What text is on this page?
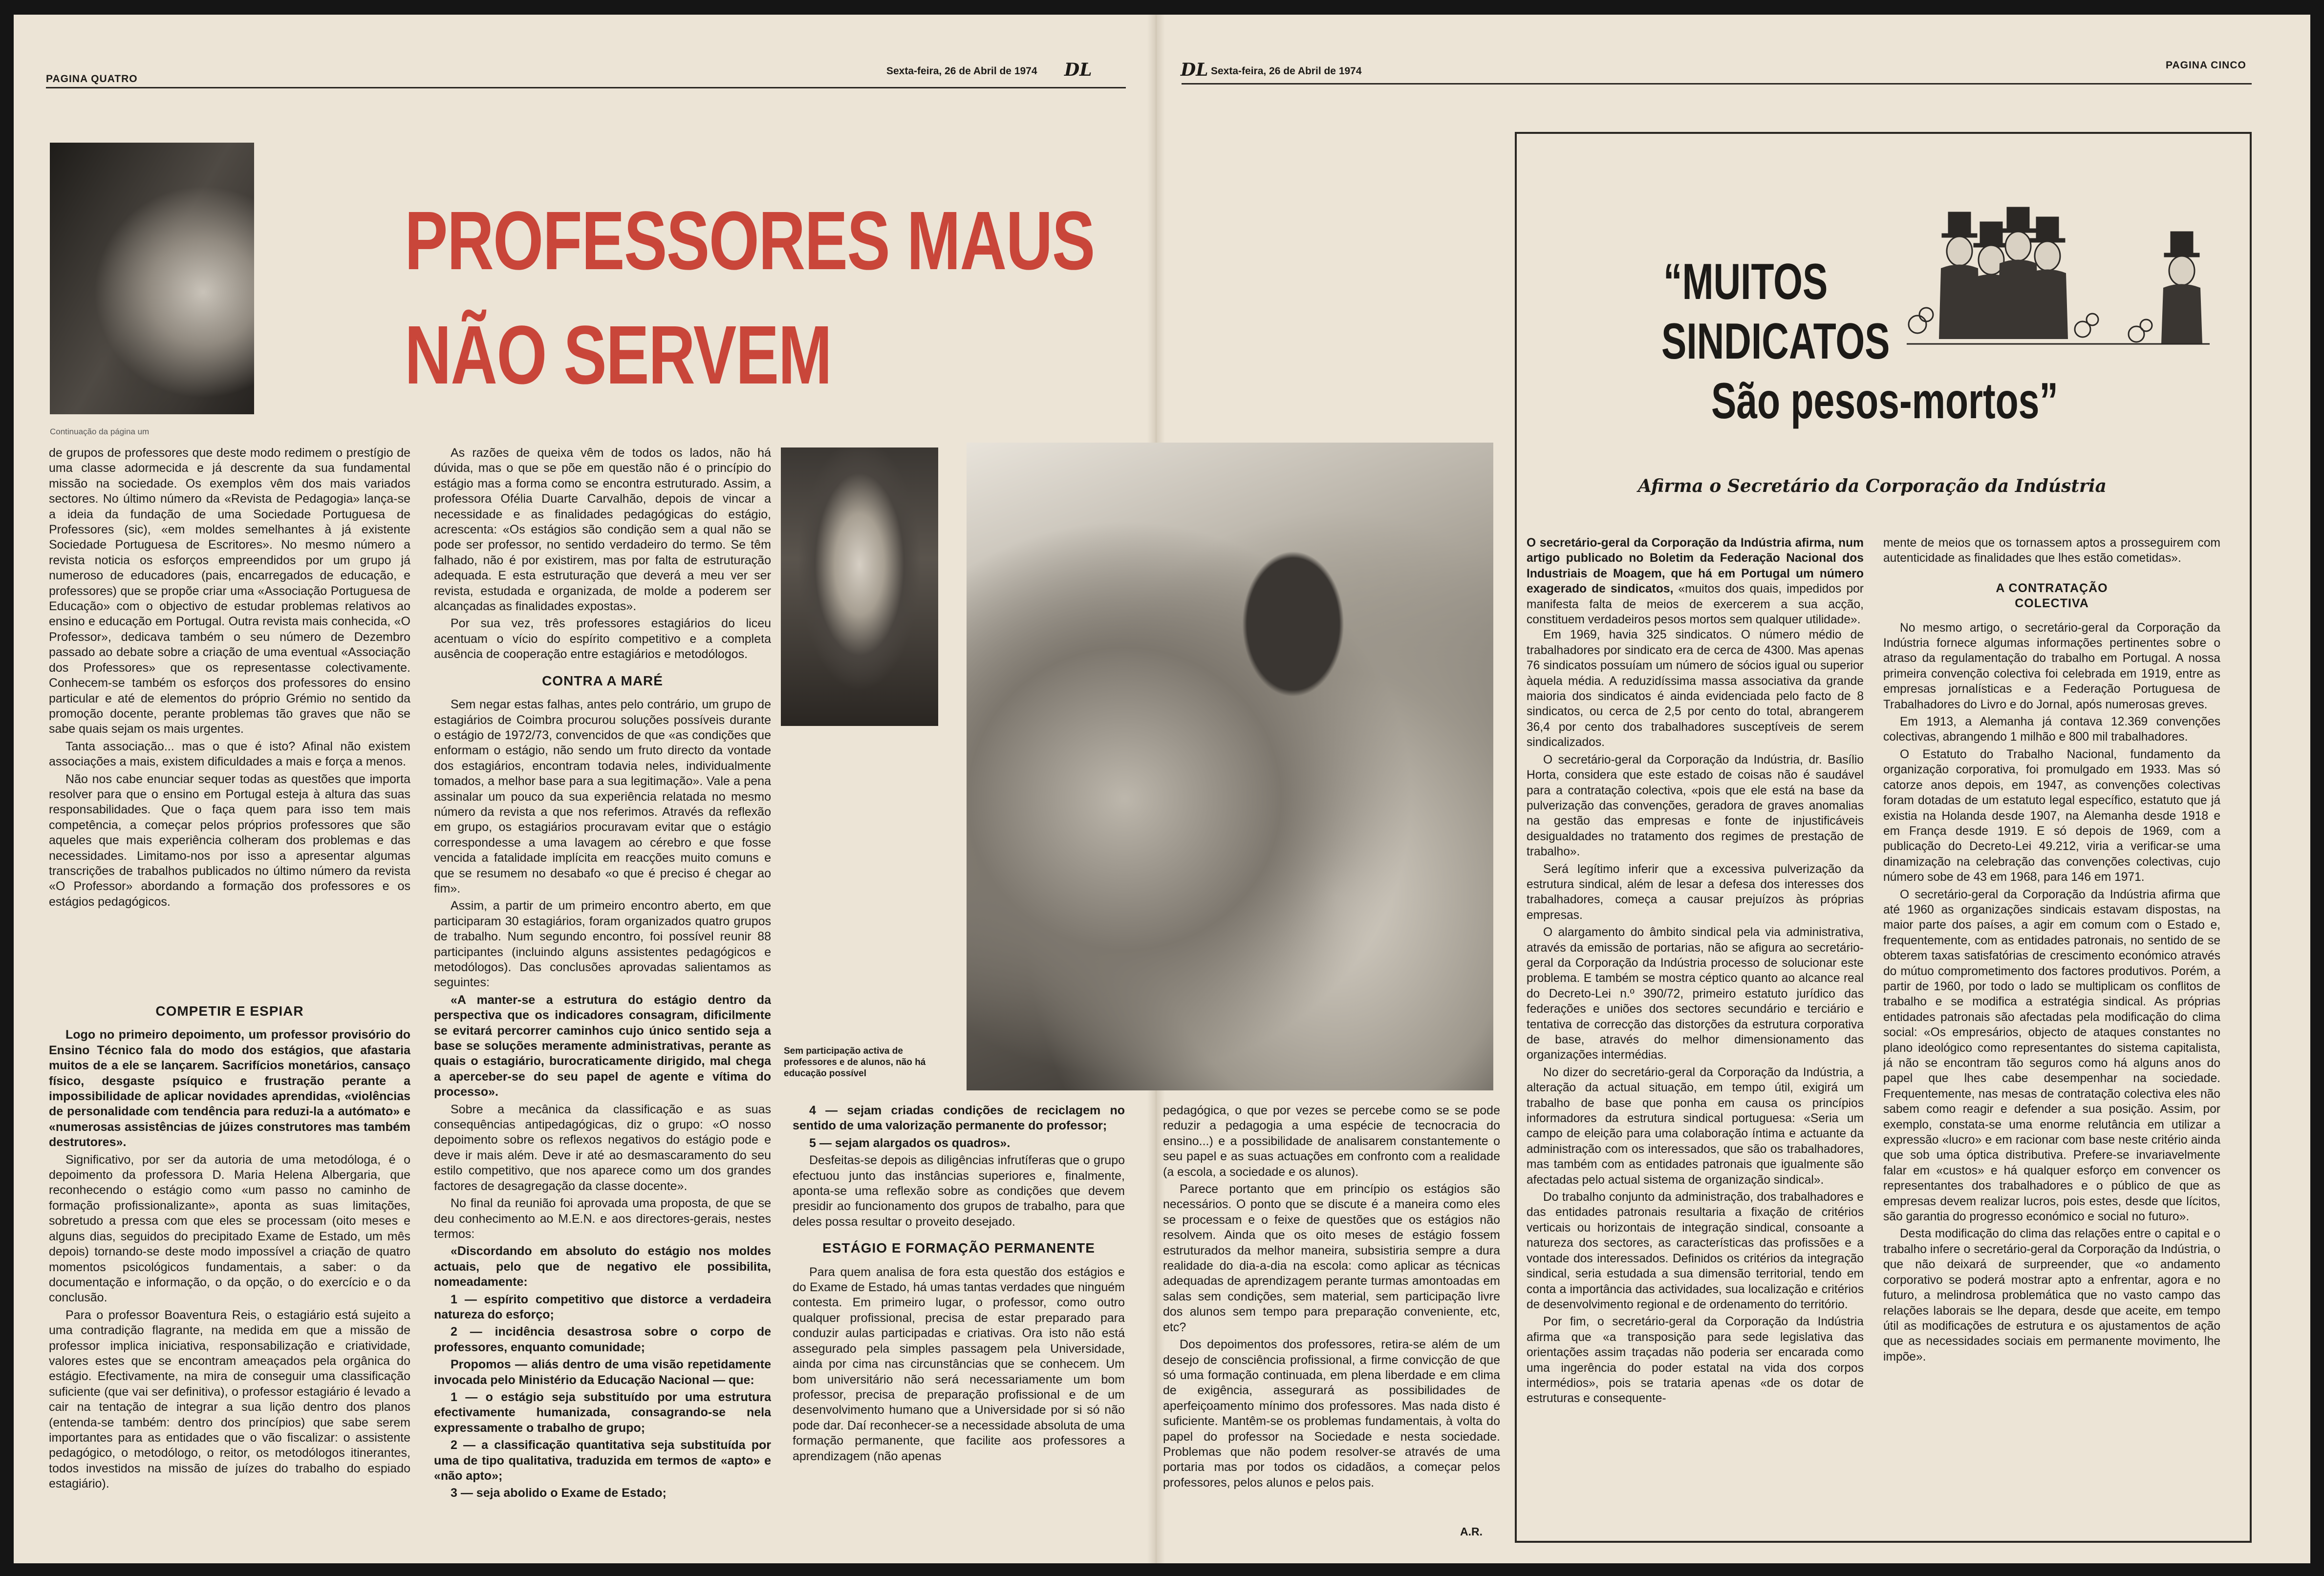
PAGINA QUATRO
Sexta-feira, 26 de Abril de 1974 DL	DL Sexta-feira, 26 de Abril de 1974
PAGINA CINCO
Continuação da página um
PROFESSORES MAUS
NÃO SERVEM
Sem participação activa de professores e de alunos, não há educação possível

de grupos de professores que deste modo redimem o prestígio de uma classe adormecida e já descrente da sua fundamental missão na sociedade. Os exemplos vêm dos mais variados sectores. No último número da «Revista de Pedagogia» lança-se a ideia da fundação de uma Sociedade Portuguesa de Professores (sic), «em moldes semelhantes à já existente Sociedade Portuguesa de Escritores». No mesmo número a revista noticia os esforços empreendidos por um grupo já numeroso de educadores (pais, encarregados de educação, e professores) que se propõe criar uma «Associação Portuguesa de Educação» com o objectivo de estudar problemas relativos ao ensino e educação em Portugal. Outra revista mais conhecida, «O Professor», dedicava também o seu número de Dezembro passado ao debate sobre a criação de uma eventual «Associação dos Professores» que os representasse colectivamente. Conhecem-se também os esforços dos professores do ensino particular e até de elementos do próprio Grémio no sentido da promoção docente, perante problemas tão graves que não se sabe quais sejam os mais urgentes.

Tanta associação... mas o que é isto? Afinal não existem associações a mais, existem dificuldades a mais e força a menos.

Não nos cabe enunciar sequer todas as questões que importa resolver para que o ensino em Portugal esteja à altura das suas responsabilidades. Que o faça quem para isso tem mais competência, a começar pelos próprios professores que são aqueles que mais experiência colheram dos problemas e das necessidades. Limitamo-nos por isso a apresentar algumas transcrições de trabalhos publicados no último número da revista «O Professor» abordando a formação dos professores e os estágios pedagógicos.

COMPETIR E ESPIAR

Logo no primeiro depoimento, um professor provisório do Ensino Técnico fala do modo dos estágios, que afastaria muitos de a ele se lançarem. Sacrifícios monetários, cansaço físico, desgaste psíquico e frustração perante a impossibilidade de aplicar novidades aprendidas, «violências de personalidade com tendência para reduzi-la a autómato» e «numerosas assistências de júizes construtores mas também destrutores».

Significativo, por ser da autoria de uma metodóloga, é o depoimento da professora D. Maria Helena Albergaria, que reconhecendo o estágio como «um passo no caminho de formação profissionalizante», aponta as suas limitações, sobretudo a pressa com que eles se processam (oito meses e alguns dias, seguidos do precipitado Exame de Estado, um mês depois) tornando-se deste modo impossível a criação de quatro momentos psicológicos fundamentais, a saber: o da documentação e informação, o da opção, o do exercício e o da conclusão.

Para o professor Boaventura Reis, o estagiário está sujeito a uma contradição flagrante, na medida em que a missão de professor implica iniciativa, responsabilização e criatividade, valores estes que se encontram ameaçados pela orgânica do estágio. Efectivamente, na mira de conseguir uma classificação suficiente (que vai ser definitiva), o professor estagiário é levado a cair na tentação de integrar a sua lição dentro dos planos (entenda-se também: dentro dos princípios) que sabe serem importantes para as entidades que o vão fiscalizar: o assistente pedagógico, o metodólogo, o reitor, os metodólogos itinerantes, todos investidos na missão de juízes do trabalho do espiado estagiário).

As razões de queixa vêm de todos os lados, não há dúvida, mas o que se põe em questão não é o princípio do estágio mas a forma como se encontra estruturado. Assim, a professora Ofélia Duarte Carvalhão, depois de vincar a necessidade e as finalidades pedagógicas do estágio, acrescenta: «Os estágios são condição sem a qual não se pode ser professor, no sentido verdadeiro do termo. Se têm falhado, não é por existirem, mas por falta de estruturação adequada. E esta estruturação que deverá a meu ver ser revista, estudada e organizada, de molde a poderem ser alcançadas as finalidades expostas».

Por sua vez, três professores estagiários do liceu acentuam o vício do espírito competitivo e a completa ausência de cooperação entre estagiários e metodólogos.

CONTRA A MARÉ

Sem negar estas falhas, antes pelo contrário, um grupo de estagiários de Coimbra procurou soluções possíveis durante o estágio de 1972/73, convencidos de que «as condições que enformam o estágio, não sendo um fruto directo da vontade dos estagiários, encontram todavia neles, individualmente tomados, a melhor base para a sua legitimação». Vale a pena assinalar um pouco da sua experiência relatada no mesmo número da revista a que nos referimos. Através da reflexão em grupo, os estagiários procuravam evitar que o estágio correspondesse a uma lavagem ao cérebro e que fosse vencida a fatalidade implícita em reacções muito comuns e que se resumem no desabafo «o que é preciso é chegar ao fim».

Assim, a partir de um primeiro encontro aberto, em que participaram 30 estagiários, foram organizados quatro grupos de trabalho. Num segundo encontro, foi possível reunir 88 participantes (incluindo alguns assistentes pedagógicos e metodólogos). Das conclusões aprovadas salientamos as seguintes:

«A manter-se a estrutura do estágio dentro da perspectiva que os indicadores consagram, dificilmente se evitará percorrer caminhos cujo único sentido seja a base se soluções meramente administrativas, perante as quais o estagiário, burocraticamente dirigido, mal chega a aperceber-se do seu papel de agente e vítima do processo».

Sobre a mecânica da classificação e as suas consequências antipedagógicas, diz o grupo: «O nosso depoimento sobre os reflexos negativos do estágio pode e deve ir mais além. Deve ir até ao desmascaramento do seu estilo competitivo, que nos aparece como um dos grandes factores de desagregação da classe docente».

No final da reunião foi aprovada uma proposta, de que se deu conhecimento ao M.E.N. e aos directores-gerais, nestes termos:

«Discordando em absoluto do estágio nos moldes actuais, pelo que de negativo ele possibilita, nomeadamente:

1 — espírito competitivo que distorce a verdadeira natureza do esforço;

2 — incidência desastrosa sobre o corpo de professores, enquanto comunidade;

Propomos — aliás dentro de uma visão repetidamente invocada pelo Ministério da Educação Nacional — que:

1 — o estágio seja substituído por uma estrutura efectivamente humanizada, consagrando-se nela expressamente o trabalho de grupo;

2 — a classificação quantitativa seja substituída por uma de tipo qualitativa, traduzida em termos de «apto» e «não apto»;

3 — seja abolido o Exame de Estado;

4 — sejam criadas condições de reciclagem no sentido de uma valorização permanente do professor;

5 — sejam alargados os quadros».

Desfeitas-se depois as diligências infrutíferas que o grupo efectuou junto das instâncias superiores e, finalmente, aponta-se uma reflexão sobre as condições que devem presidir ao funcionamento dos grupos de trabalho, para que deles possa resultar o proveito desejado.

ESTÁGIO E FORMAÇÃO PERMANENTE

Para quem analisa de fora esta questão dos estágios e do Exame de Estado, há umas tantas verdades que ninguém contesta. Em primeiro lugar, o professor, como outro qualquer profissional, precisa de estar preparado para conduzir aulas participadas e criativas. Ora isto não está assegurado pela simples passagem pela Universidade, ainda por cima nas circunstâncias que se conhecem. Um bom universitário não será necessariamente um bom professor, precisa de preparação profissional e de um desenvolvimento humano que a Universidade por si só não pode dar. Daí reconhecer-se a necessidade absoluta de uma formação permanente, que facilite aos professores a aprendizagem (não apenas

pedagógica, o que por vezes se percebe como se se pode reduzir a pedagogia a uma espécie de tecnocracia do ensino...) e a possibilidade de analisarem constantemente o seu papel e as suas actuações em confronto com a realidade (a escola, a sociedade e os alunos).

Parece portanto que em princípio os estágios são necessários. O ponto que se discute é a maneira como eles se processam e o feixe de questões que os estágios não resolvem. Ainda que os oito meses de estágio fossem estruturados da melhor maneira, subsistiria sempre a dura realidade do dia-a-dia na escola: como aplicar as técnicas adequadas de aprendizagem perante turmas amontoadas em salas sem condições, sem material, sem participação livre dos alunos sem tempo para preparação conveniente, etc, etc?

Dos depoimentos dos professores, retira-se além de um desejo de consciência profissional, a firme convicção de que só uma formação continuada, em plena liberdade e em clima de exigência, assegurará as possibilidades de aperfeiçoamento mínimo dos professores. Mas nada disto é suficiente. Mantêm-se os problemas fundamentais, à volta do papel do professor na Sociedade e nesta sociedade. Problemas que não podem resolver-se através de uma portaria mas por todos os cidadãos, a começar pelos professores, pelos alunos e pelos pais.

A.R.
“MUITOS
SINDICATOS
São pesos-mortos”
Afirma o Secretário da Corporação da Indústria

O secretário-geral da Corporação da Indústria afirma, num artigo publicado no Boletim da Federação Nacional dos Industriais de Moagem, que há em Portugal um número exagerado de sindicatos, «muitos dos quais, impedidos por manifesta falta de meios de exercerem a sua acção, constituem verdadeiros pesos mortos sem qualquer utilidade».

Em 1969, havia 325 sindicatos. O número médio de trabalhadores por sindicato era de cerca de 4300. Mas apenas 76 sindicatos possuíam um número de sócios igual ou superior àquela média. A reduzidíssima massa associativa da grande maioria dos sindicatos é ainda evidenciada pelo facto de 8 sindicatos, ou cerca de 2,5 por cento do total, abrangerem 36,4 por cento dos trabalhadores susceptíveis de serem sindicalizados.

O secretário-geral da Corporação da Indústria, dr. Basílio Horta, considera que este estado de coisas não é saudável para a contratação colectiva, «pois que ele está na base da pulverização das convenções, geradora de graves anomalias na gestão das empresas e fonte de injustificáveis desigualdades no tratamento dos regimes de prestação de trabalho».

Será legítimo inferir que a excessiva pulverização da estrutura sindical, além de lesar a defesa dos interesses dos trabalhadores, começa a causar prejuízos às próprias empresas.

O alargamento do âmbito sindical pela via administrativa, através da emissão de portarias, não se afigura ao secretário-geral da Corporação da Indústria processo de solucionar este problema. E também se mostra céptico quanto ao alcance real do Decreto-Lei n.º 390/72, primeiro estatuto jurídico das federações e uniões dos sectores secundário e terciário e tentativa de correcção das distorções da estrutura corporativa de base, através do melhor dimensionamento das organizações intermédias.

No dizer do secretário-geral da Corporação da Indústria, a alteração da actual situação, em tempo útil, exigirá um trabalho de base que ponha em causa os princípios informadores da estrutura sindical portuguesa: «Seria um campo de eleição para uma colaboração íntima e actuante da administração com os interessados, que são os trabalhadores, mas também com as entidades patronais que igualmente são afectadas pelo actual sistema de organização sindical».

Do trabalho conjunto da administração, dos trabalhadores e das entidades patronais resultaria a fixação de critérios verticais ou horizontais de integração sindical, consoante a natureza dos sectores, as características das profissões e a vontade dos interessados. Definidos os critérios da integração sindical, seria estudada a sua dimensão territorial, tendo em conta a importância das actividades, sua localização e critérios de desenvolvimento regional e de ordenamento do território.

Por fim, o secretário-geral da Corporação da Indústria afirma que «a transposição para sede legislativa das orientações assim traçadas não poderia ser encarada como uma ingerência do poder estatal na vida dos corpos intermédios», pois se trataria apenas «de os dotar de estruturas e consequente-

mente de meios que os tornassem aptos a prosseguirem com autenticidade as finalidades que lhes estão cometidas».

A CONTRATAÇÃO
COLECTIVA

No mesmo artigo, o secretário-geral da Corporação da Indústria fornece algumas informações pertinentes sobre o atraso da regulamentação do trabalho em Portugal. A nossa primeira convenção colectiva foi celebrada em 1919, entre as empresas jornalísticas e a Federação Portuguesa de Trabalhadores do Livro e do Jornal, após numerosas greves.

Em 1913, a Alemanha já contava 12.369 convenções colectivas, abrangendo 1 milhão e 800 mil trabalhadores.

O Estatuto do Trabalho Nacional, fundamento da organização corporativa, foi promulgado em 1933. Mas só catorze anos depois, em 1947, as convenções colectivas foram dotadas de um estatuto legal específico, estatuto que já existia na Holanda desde 1907, na Alemanha desde 1918 e em França desde 1919. E só depois de 1969, com a publicação do Decreto-Lei 49.212, viria a verificar-se uma dinamização na celebração das convenções colectivas, cujo número sobe de 43 em 1968, para 146 em 1971.

O secretário-geral da Corporação da Indústria afirma que até 1960 as organizações sindicais estavam dispostas, na maior parte dos países, a agir em comum com o Estado e, frequentemente, com as entidades patronais, no sentido de se obterem taxas satisfatórias de crescimento económico através do mútuo comprometimento dos factores produtivos. Porém, a partir de 1960, por todo o lado se multiplicam os conflitos de trabalho e se modifica a estratégia sindical. As próprias entidades patronais são afectadas pela modificação do clima social: «Os empresários, objecto de ataques constantes no plano ideológico como representantes do sistema capitalista, já não se encontram tão seguros como há alguns anos do papel que lhes cabe desempenhar na sociedade. Frequentemente, nas mesas de contratação colectiva eles não sabem como reagir e defender a sua posição. Assim, por exemplo, constata-se uma enorme relutância em utilizar a expressão «lucro» e em racionar com base neste critério ainda que sob uma óptica distributiva. Prefere-se invariavelmente falar em «custos» e há qualquer esforço em convencer os representantes dos trabalhadores e o público de que as empresas devem realizar lucros, pois estes, desde que lícitos, são garantia do progresso económico e social no futuro».

Desta modificação do clima das relações entre o capital e o trabalho infere o secretário-geral da Corporação da Indústria, o que não deixará de surpreender, que «o andamento corporativo se poderá mostrar apto a enfrentar, agora e no futuro, a melindrosa problemática que no vasto campo das relações laborais se lhe depara, desde que aceite, em tempo útil as modificações de estrutura e os ajustamentos de ação que as necessidades sociais em permanente movimento, lhe impõe».
